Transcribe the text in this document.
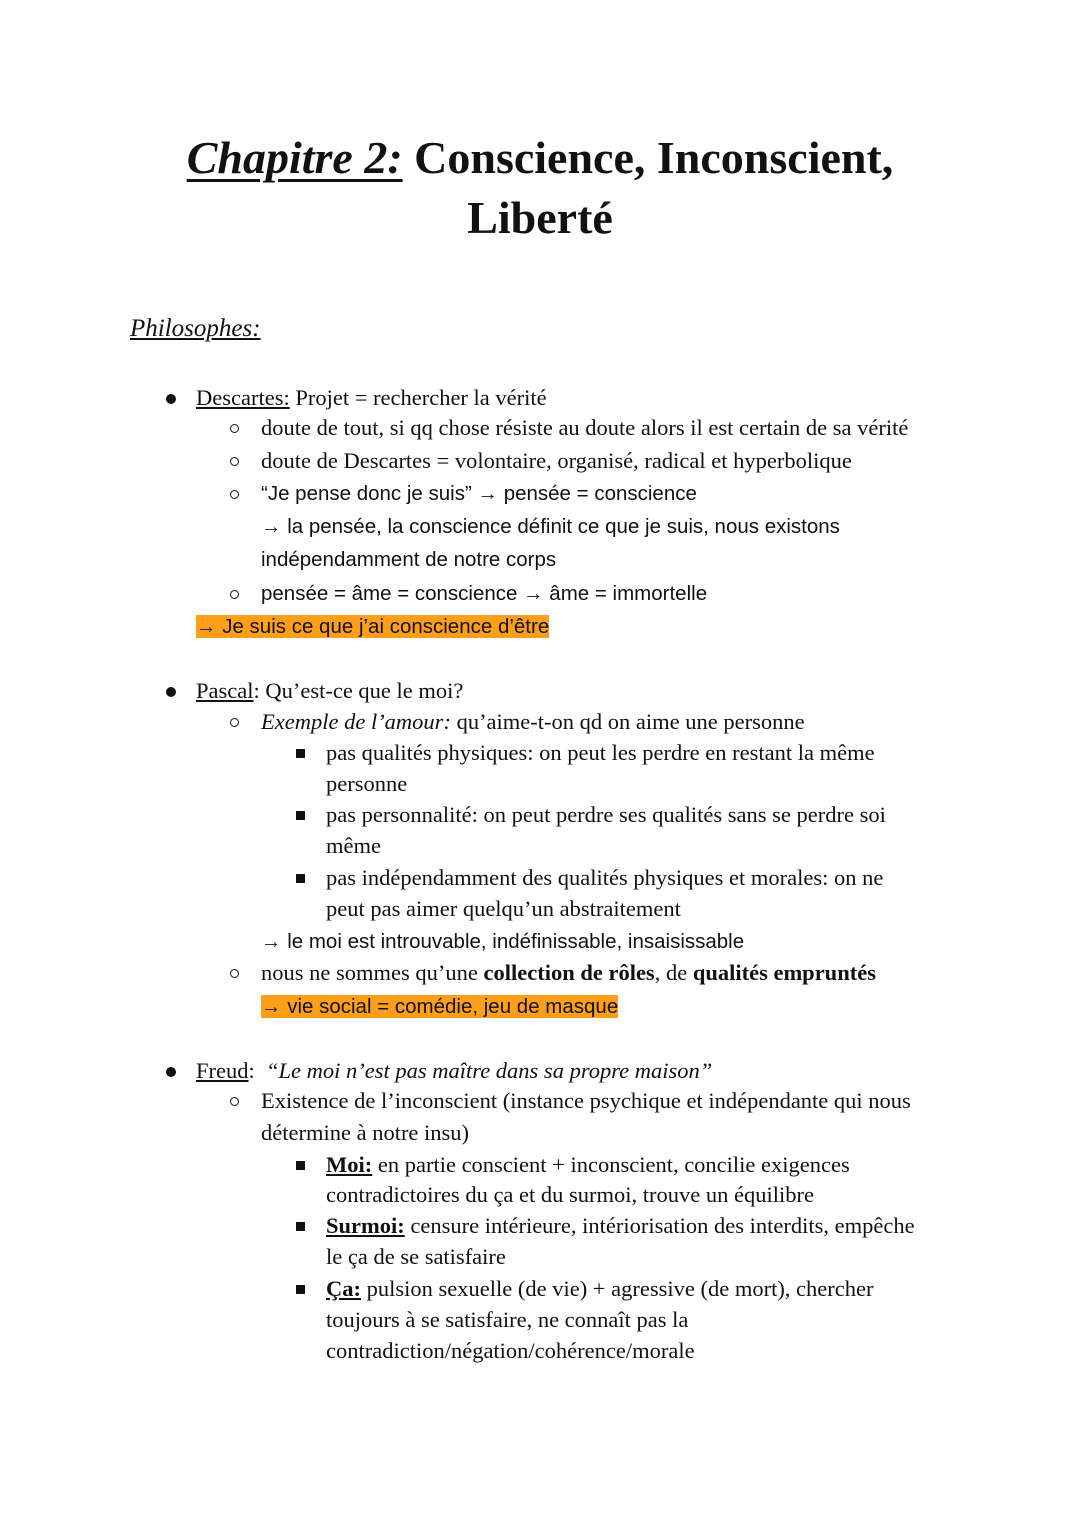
Chapitre 2: Conscience, Inconscient,
Liberté
Philosophes:
Descartes: Projet = rechercher la vérité
doute de tout, si qq chose résiste au doute alors il est certain de sa vérité
doute de Descartes = volontaire, organisé, radical et hyperbolique
“Je pense donc je suis” → pensée = conscience
→ la pensée, la conscience définit ce que je suis, nous existons
indépendamment de notre corps
pensée = âme = conscience → âme = immortelle
→ Je suis ce que j’ai conscience d’être
Pascal: Qu’est-ce que le moi?
Exemple de l’amour: qu’aime-t-on qd on aime une personne
pas qualités physiques: on peut les perdre en restant la même
personne
pas personnalité: on peut perdre ses qualités sans se perdre soi
même
pas indépendamment des qualités physiques et morales: on ne
peut pas aimer quelqu’un abstraitement
→ le moi est introuvable, indéfinissable, insaisissable
nous ne sommes qu’une collection de rôles, de qualités empruntés
→ vie social = comédie, jeu de masque
Freud:  “Le moi n’est pas maître dans sa propre maison”
Existence de l’inconscient (instance psychique et indépendante qui nous
détermine à notre insu)
Moi: en partie conscient + inconscient, concilie exigences
contradictoires du ça et du surmoi, trouve un équilibre
Surmoi: censure intérieure, intériorisation des interdits, empêche
le ça de se satisfaire
Ça: pulsion sexuelle (de vie) + agressive (de mort), chercher
toujours à se satisfaire, ne connaît pas la
contradiction/négation/cohérence/morale
